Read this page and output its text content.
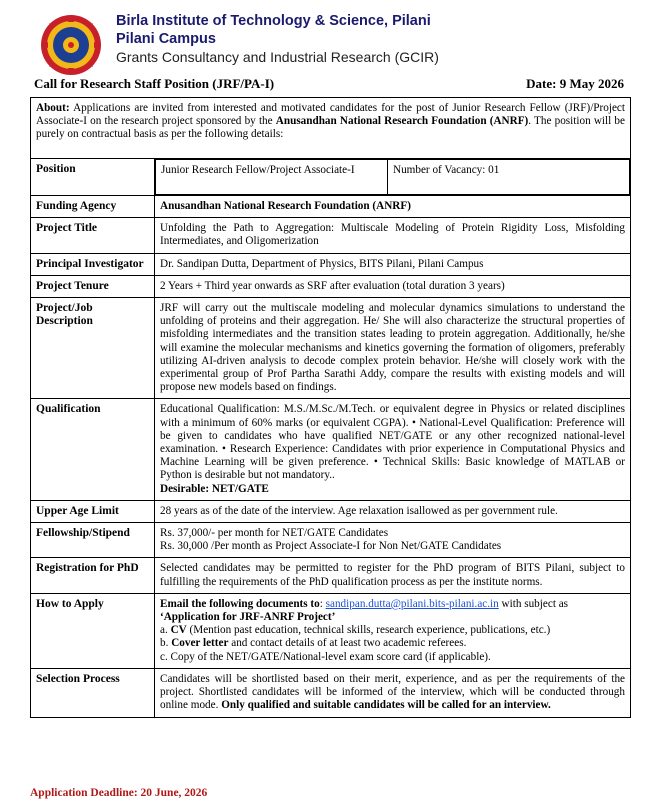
Birla Institute of Technology & Science, Pilani
Pilani Campus
Grants Consultancy and Industrial Research (GCIR)
Call for Research Staff Position (JRF/PA-I)	Date: 9 May 2026
About: Applications are invited from interested and motivated candidates for the post of Junior Research Fellow (JRF)/Project Associate-I on the research project sponsored by the Anusandhan National Research Foundation (ANRF). The position will be purely on contractual basis as per the following details:
Position		Junior Research Fellow/Project Associate-I	Number of Vacancy: 01

Funding Agency	Anusandhan National Research Foundation (ANRF)
Project Title	Unfolding the Path to Aggregation: Multiscale Modeling of Protein Rigidity Loss, Misfolding Intermediates, and Oligomerization
Principal Investigator	Dr. Sandipan Dutta, Department of Physics, BITS Pilani, Pilani Campus
Project Tenure	2 Years + Third year onwards as SRF after evaluation (total duration 3 years)
Project/Job Description	JRF will carry out the multiscale modeling and molecular dynamics simulations to understand the unfolding of proteins and their aggregation. He/ She will also characterize the structural properties of misfolding intermediates and the transition states leading to protein aggregation. Additionally, he/she will examine the molecular mechanisms and kinetics governing the formation of oligomers, preferably utilizing AI-driven analysis to decode complex protein behavior. He/she will closely work with the experimental group of Prof Partha Sarathi Addy, compare the results with existing models and will propose new models based on findings.
Qualification	Educational Qualification: M.S./M.Sc./M.Tech. or equivalent degree in Physics or related disciplines with a minimum of 60% marks (or equivalent CGPA). • National-Level Qualification: Preference will be given to candidates who have qualified NET/GATE or any other recognized national-level examination. • Research Experience: Candidates with prior experience in Computational Physics and Machine Learning will be given preference. • Technical Skills: Basic knowledge of MATLAB or Python is desirable but not mandatory..
Desirable: NET/GATE
Upper Age Limit	28 years as of the date of the interview. Age relaxation isallowed as per government rule.
Fellowship/Stipend	Rs. 37,000/- per month for NET/GATE Candidates
Rs. 30,000 /Per month as Project Associate-I for Non Net/GATE Candidates

Registration for PhD	Selected candidates may be permitted to register for the PhD program of BITS Pilani, subject to fulfilling the requirements of the PhD qualification process as per the institute norms.
How to Apply	Email the following documents to: sandipan.dutta@pilani.bits-pilani.ac.in with subject as
‘Application for JRF-ANRF Project’
a. CV (Mention past education, technical skills, research experience, publications, etc.)
b. Cover letter and contact details of at least two academic referees.
c. Copy of the NET/GATE/National-level exam score card (if applicable).

Selection Process	Candidates will be shortlisted based on their merit, experience, and as per the requirements of the project. Shortlisted candidates will be informed of the interview, which will be conducted through online mode. Only qualified and suitable candidates will be called for an interview.
Application Deadline: 20 June, 2026
